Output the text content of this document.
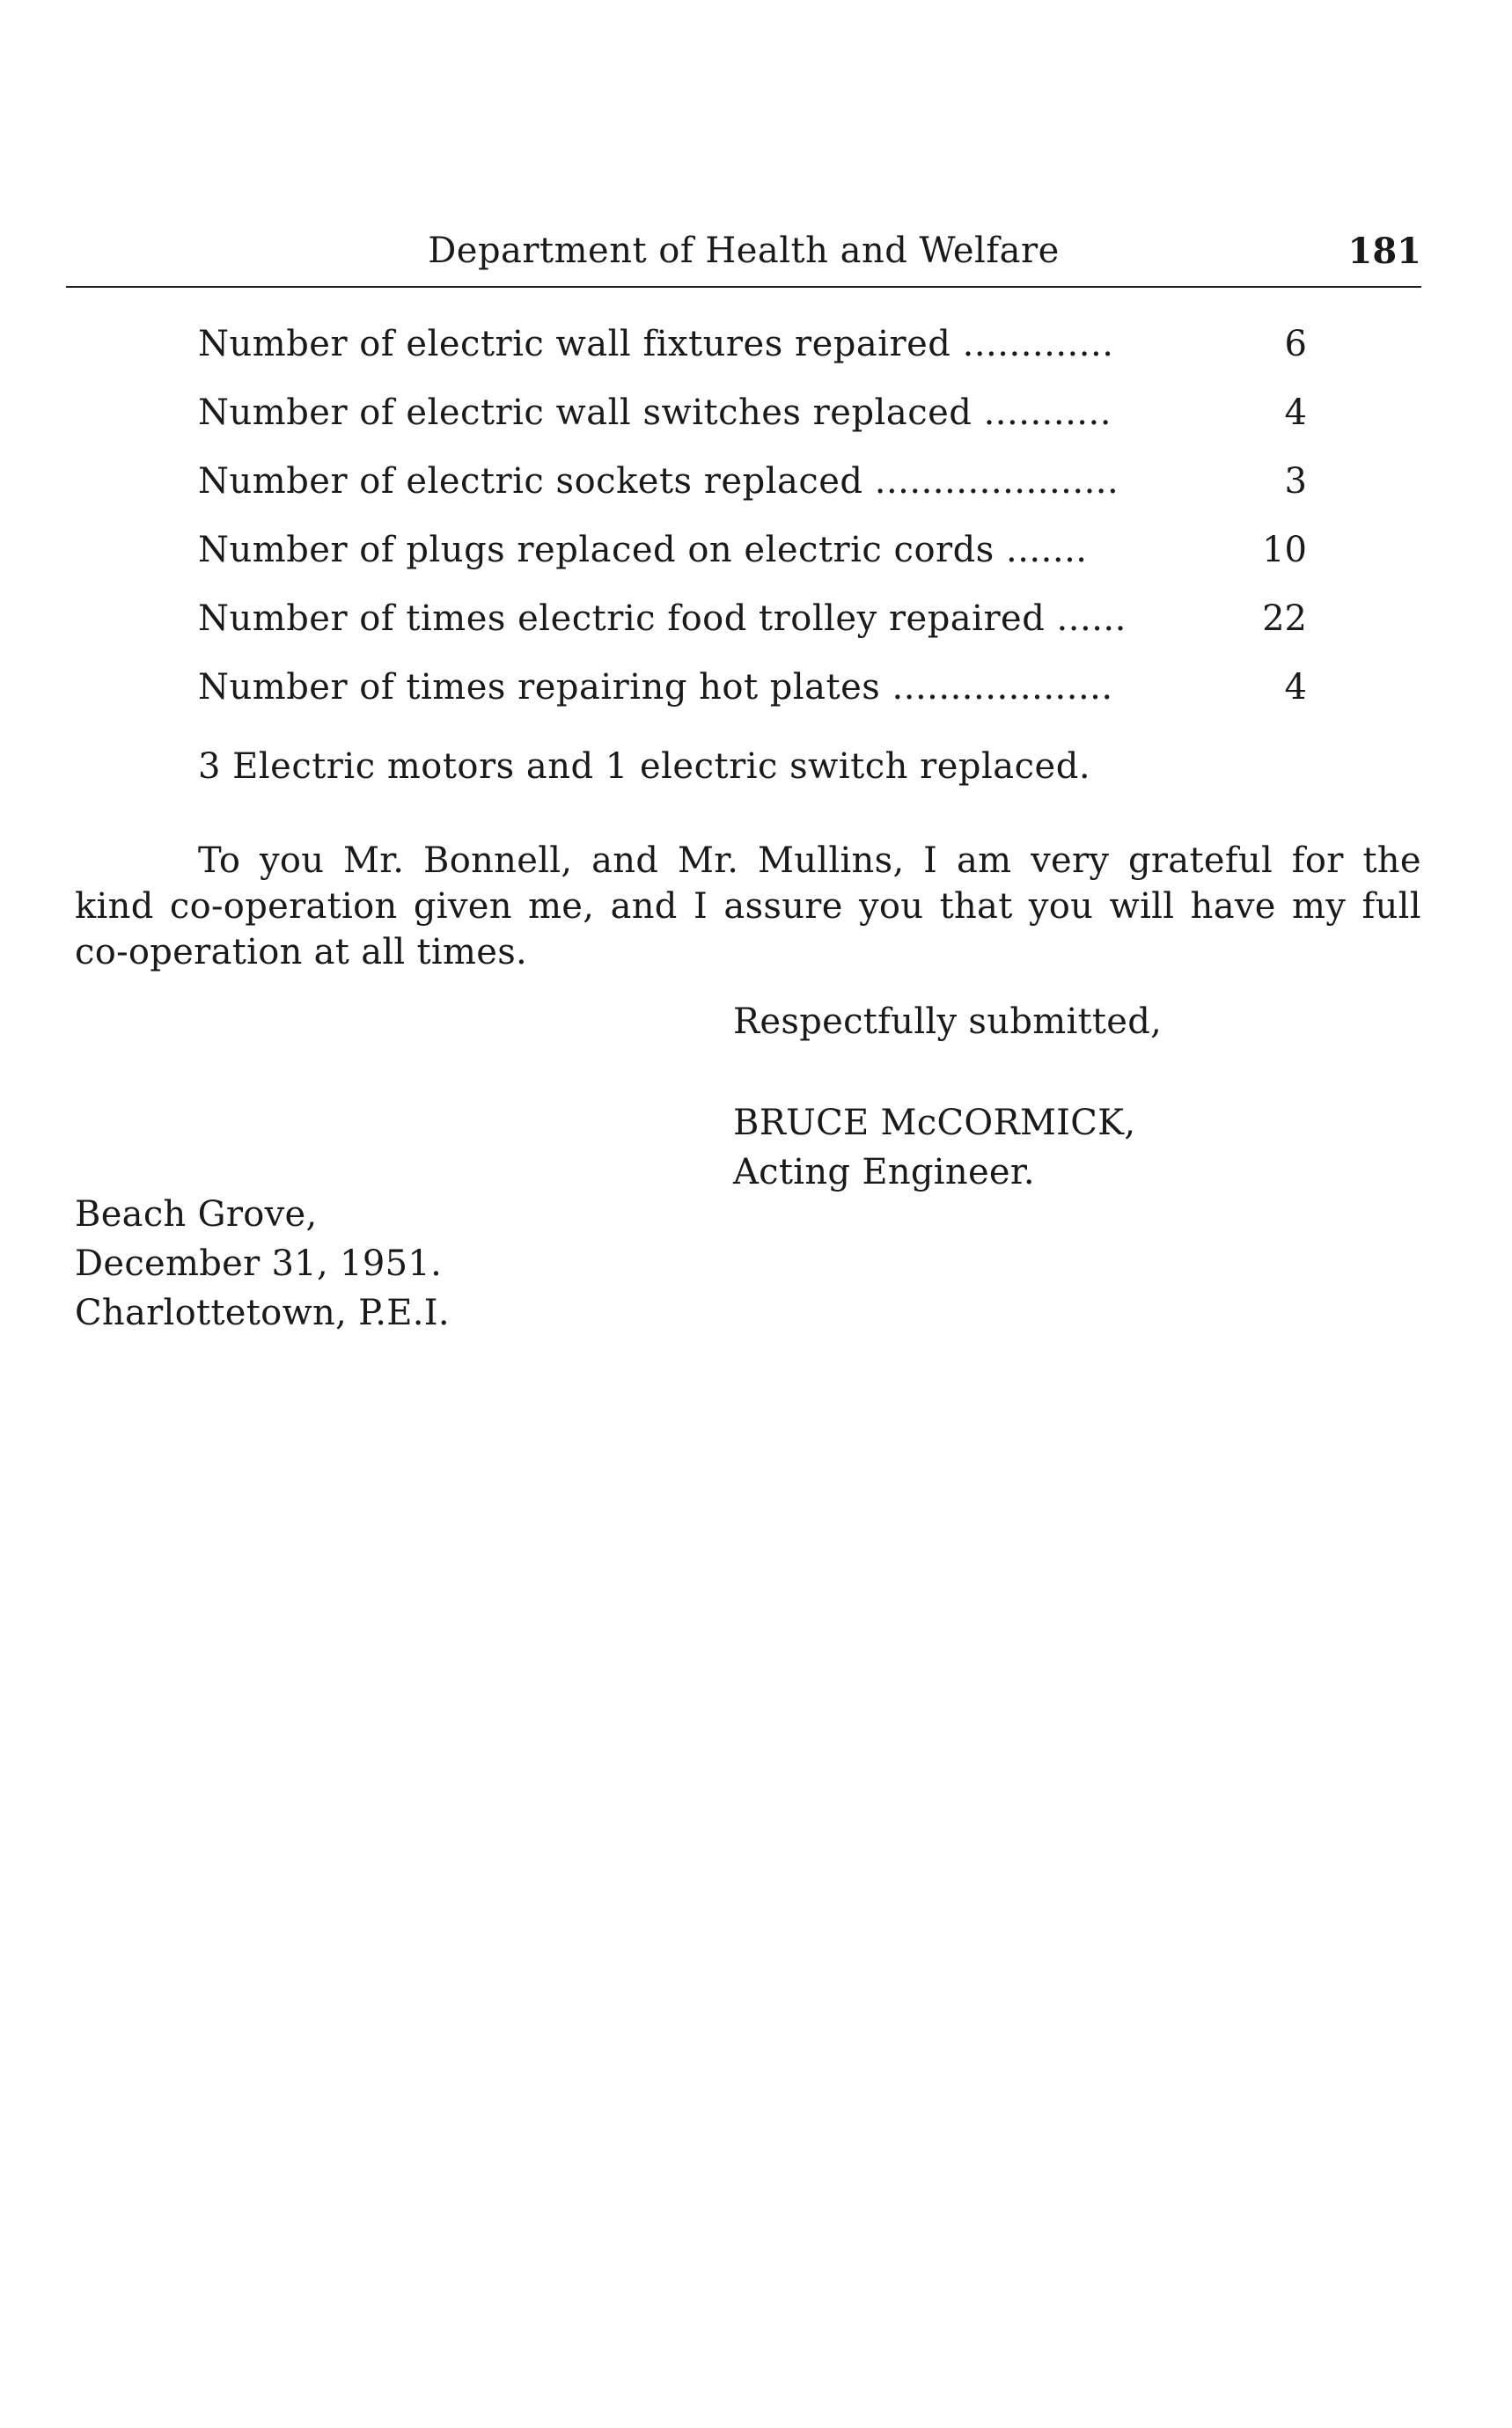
Department of Health and Welfare	181
Number of electric wall fixtures repaired .............	6
Number of electric wall switches replaced ...........	4
Number of electric sockets replaced .....................	3
Number of plugs replaced on electric cords .......	10
Number of times electric food trolley repaired ......	22
Number of times repairing hot plates ...................	4
3 Electric motors and 1 electric switch replaced.
To you Mr. Bonnell, and Mr. Mullins, I am very grateful for the
kind co-operation given me, and I assure you that you will have my full
co-operation at all times.
Respectfully submitted,
BRUCE McCORMICK,
Acting Engineer.
Beach Grove,
December 31, 1951.
Charlottetown, P.E.I.
